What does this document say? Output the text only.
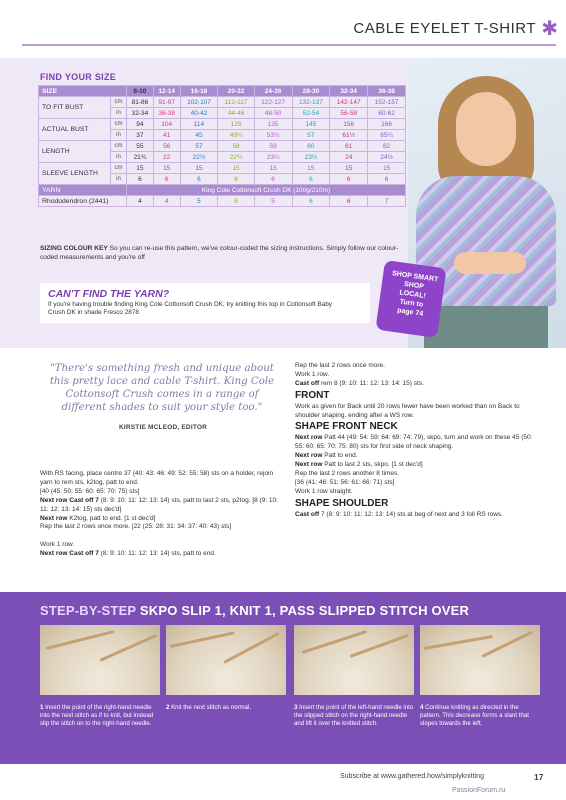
CABLE EYELET T-SHIRT ✱
FIND YOUR SIZE
SIZE		8-10	12-14	16-18	20-22	24-26	28-30	32-34	36-38
TO FIT BUST	cm	81-86	91-97	102-107	112-117	122-127	132-137	142-147	152-157
	in	32-34	36-38	40-42	44-46	48-50	52-54	56-58	60-62
ACTUAL BUST	cm	94	104	114	125	135	145	156	166
	in	37	41	45	49¼	53¼	57	61½	65¼
LENGTH	cm	55	56	57	58	59	60	61	62
	in	21¾	22	22½	22¾	23¼	23½	24	24½
SLEEVE LENGTH	cm	15	15	15	15	15	15	15	15
	in	6	6	6	6	6	6	6	6
YARN		King Cole Cottonsoft Crush DK (100g/210m)							
Rhododendron (2441)		4	4	5	5	5	6	6	7
SIZING COLOUR KEY So you can re-use this pattern, we've colour-coded the sizing instructions. Simply follow our colour-coded measurements and you're off
CAN'T FIND THE YARN?
If you're having trouble finding King Cole Cottonsoft Crush DK, try knitting this top in Cottonsoft Baby Crush DK in shade Fresco 2878
SHOP SMART
SHOP
LOCAL!
Turn to
page 74
"There's something fresh and unique about this pretty lace and cable T-shirt. King Cole Cottonsoft Crush comes in a range of different shades to suit your style too."
KIRSTIE MCLEOD, EDITOR

With RS facing, place centre 37 (40: 43: 46: 49: 52: 55: 58) sts on a holder, rejoin yarn to rem sts, k2tog, patt to end.

[40 (45: 50: 55: 60: 65: 70: 75) sts]

Next row Cast off 7 (8: 9: 10: 11: 12: 13: 14) sts, patt to last 2 sts, p2tog. [8 (9: 10: 11: 12: 13: 14: 15) sts dec'd]

Next row K2tog, patt to end. [1 st dec'd]

Rep the last 2 rows once more. [22 (25: 28: 31: 34: 37: 40: 43) sts]

Work 1 row.

Next row Cast off 7 (8: 9: 10: 11: 12: 13: 14) sts, patt to end.

Rep the last 2 rows once more.

Work 1 row.

Cast off rem 8 (9: 10: 11: 12: 13: 14: 15) sts.

FRONT

Work as given for Back until 20 rows fewer have been worked than on Back to shoulder shaping, ending after a WS row.

SHAPE FRONT NECK

Next row Patt 44 (49: 54: 59: 64: 69: 74: 79), skpo, turn and work on these 45 (50: 55: 60: 65: 70: 75: 80) sts for first side of neck shaping.

Next row Patt to end.

Next row Patt to last 2 sts, skpo. [1 st dec'd]

Rep the last 2 rows another 8 times.

[36 (41: 46: 51: 56: 61: 66: 71) sts]

Work 1 row straight.

SHAPE SHOULDER

Cast off 7 (8: 9: 10: 11: 12: 13: 14) sts at beg of next and 3 foll RS rows.

STEP-BY-STEP SKPO SLIP 1, KNIT 1, PASS SLIPPED STITCH OVER
1 Insert the point of the right-hand needle into the next stitch as if to knit, but instead slip the stitch on to the right-hand needle.
2 Knit the next stitch as normal.	3 Insert the point of the left-hand needle into the slipped stitch on the right-hand needle and lift it over the knitted stitch.
4 Continue knitting as directed in the pattern. This decrease forms a slant that slopes towards the left.
Subscribe at www.gathered.how/simplyknitting	17
PassionForum.ru
